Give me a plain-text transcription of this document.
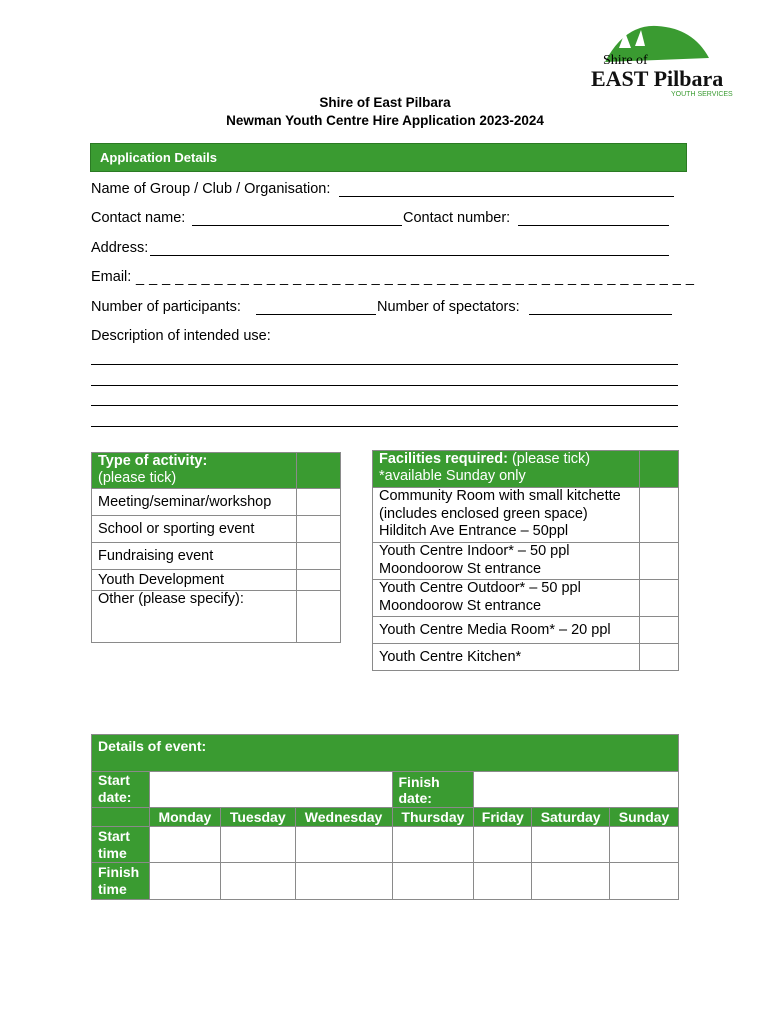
Shire of
EAST Pilbara
YOUTH SERVICES
Shire of East Pilbara
Newman Youth Centre Hire Application 2023-2024
Application Details
Name of Group / Club / Organisation:
Contact name:	Contact number:
Address:
Email: _ _ _ _ _ _ _ _ _ _ _ _ _ _ _ _ _ _ _ _ _ _ _ _ _ _ _ _ _ _ _ _ _ _ _ _ _ _ _ _ _ _ _
Number of participants:	Number of spectators:
Description of intended use:
Type of activity:
(please tick)	
Meeting/seminar/workshop	
School or sporting event	
Fundraising event	
Youth Development	
Other (please specify):	
Facilities required: (please tick)
*available Sunday only	
Community Room with small kitchette
(includes enclosed green space)
Hilditch Ave Entrance – 50ppl	
Youth Centre Indoor* – 50 ppl
Moondoorow St entrance	
Youth Centre Outdoor* – 50 ppl
Moondoorow St entrance	
Youth Centre Media Room* – 20 ppl	
Youth Centre Kitchen*	
Details of event:							
Start
date:				Finish date:			
	Monday	Tuesday	Wednesday	Thursday	Friday	Saturday	Sunday
Start
time							
Finish
time							
